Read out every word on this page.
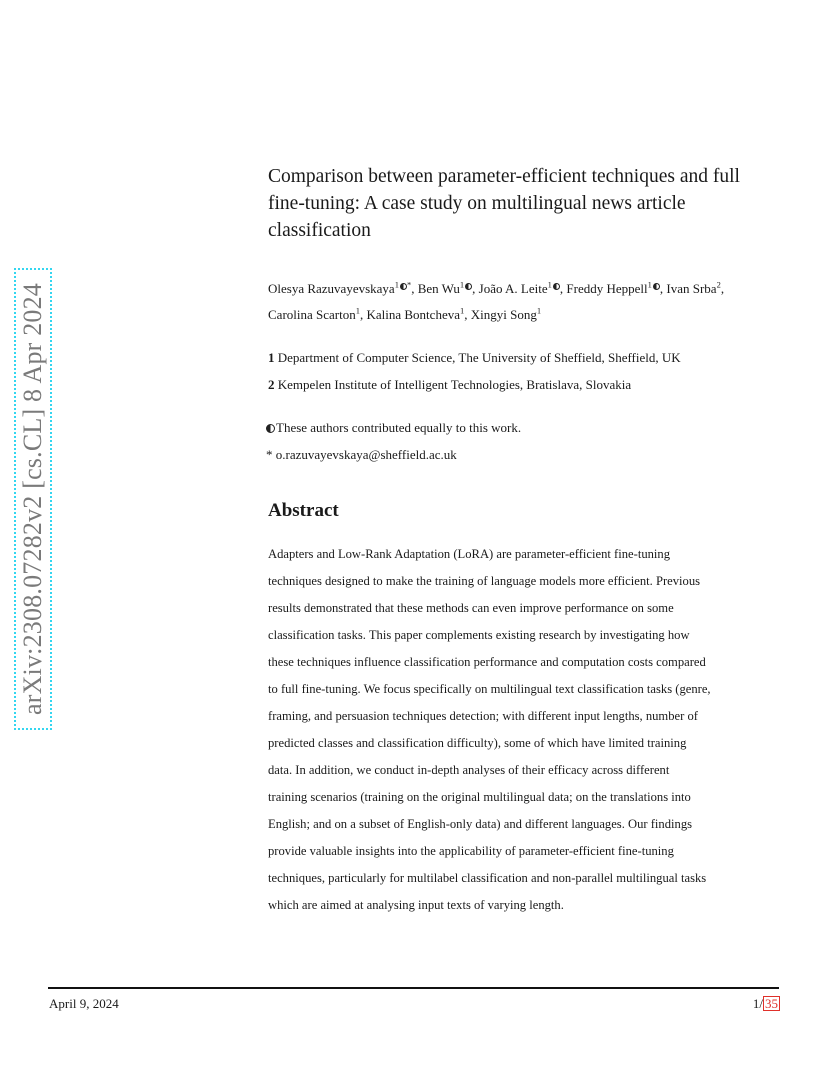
arXiv:2308.07282v2 [cs.CL] 8 Apr 2024
Comparison between parameter-efficient techniques and full fine-tuning: A case study on multilingual news article classification
Olesya Razuvayevskaya$^1$ *, Ben Wu$^1$ , João A. Leite$^1$ , Freddy Heppell$^1$ , Ivan Srba$^2$,
Carolina Scarton$^1$, Kalina Bontcheva$^1$, Xingyi Song$^1$
1 Department of Computer Science, The University of Sheffield, Sheffield, UK
2 Kempelen Institute of Intelligent Technologies, Bratislava, Slovakia
These authors contributed equally to this work.
* o.razuvayevskaya@sheffield.ac.uk
Abstract
Adapters and Low-Rank Adaptation (LoRA) are parameter-efficient fine-tuning
techniques designed to make the training of language models more efficient. Previous
results demonstrated that these methods can even improve performance on some
classification tasks. This paper complements existing research by investigating how
these techniques influence classification performance and computation costs compared
to full fine-tuning. We focus specifically on multilingual text classification tasks (genre,
framing, and persuasion techniques detection; with different input lengths, number of
predicted classes and classification difficulty), some of which have limited training
data. In addition, we conduct in-depth analyses of their efficacy across different
training scenarios (training on the original multilingual data; on the translations into
English; and on a subset of English-only data) and different languages. Our findings
provide valuable insights into the applicability of parameter-efficient fine-tuning
techniques, particularly for multilabel classification and non-parallel multilingual tasks
which are aimed at analysing input texts of varying length.
April 9, 2024	1/ 35
